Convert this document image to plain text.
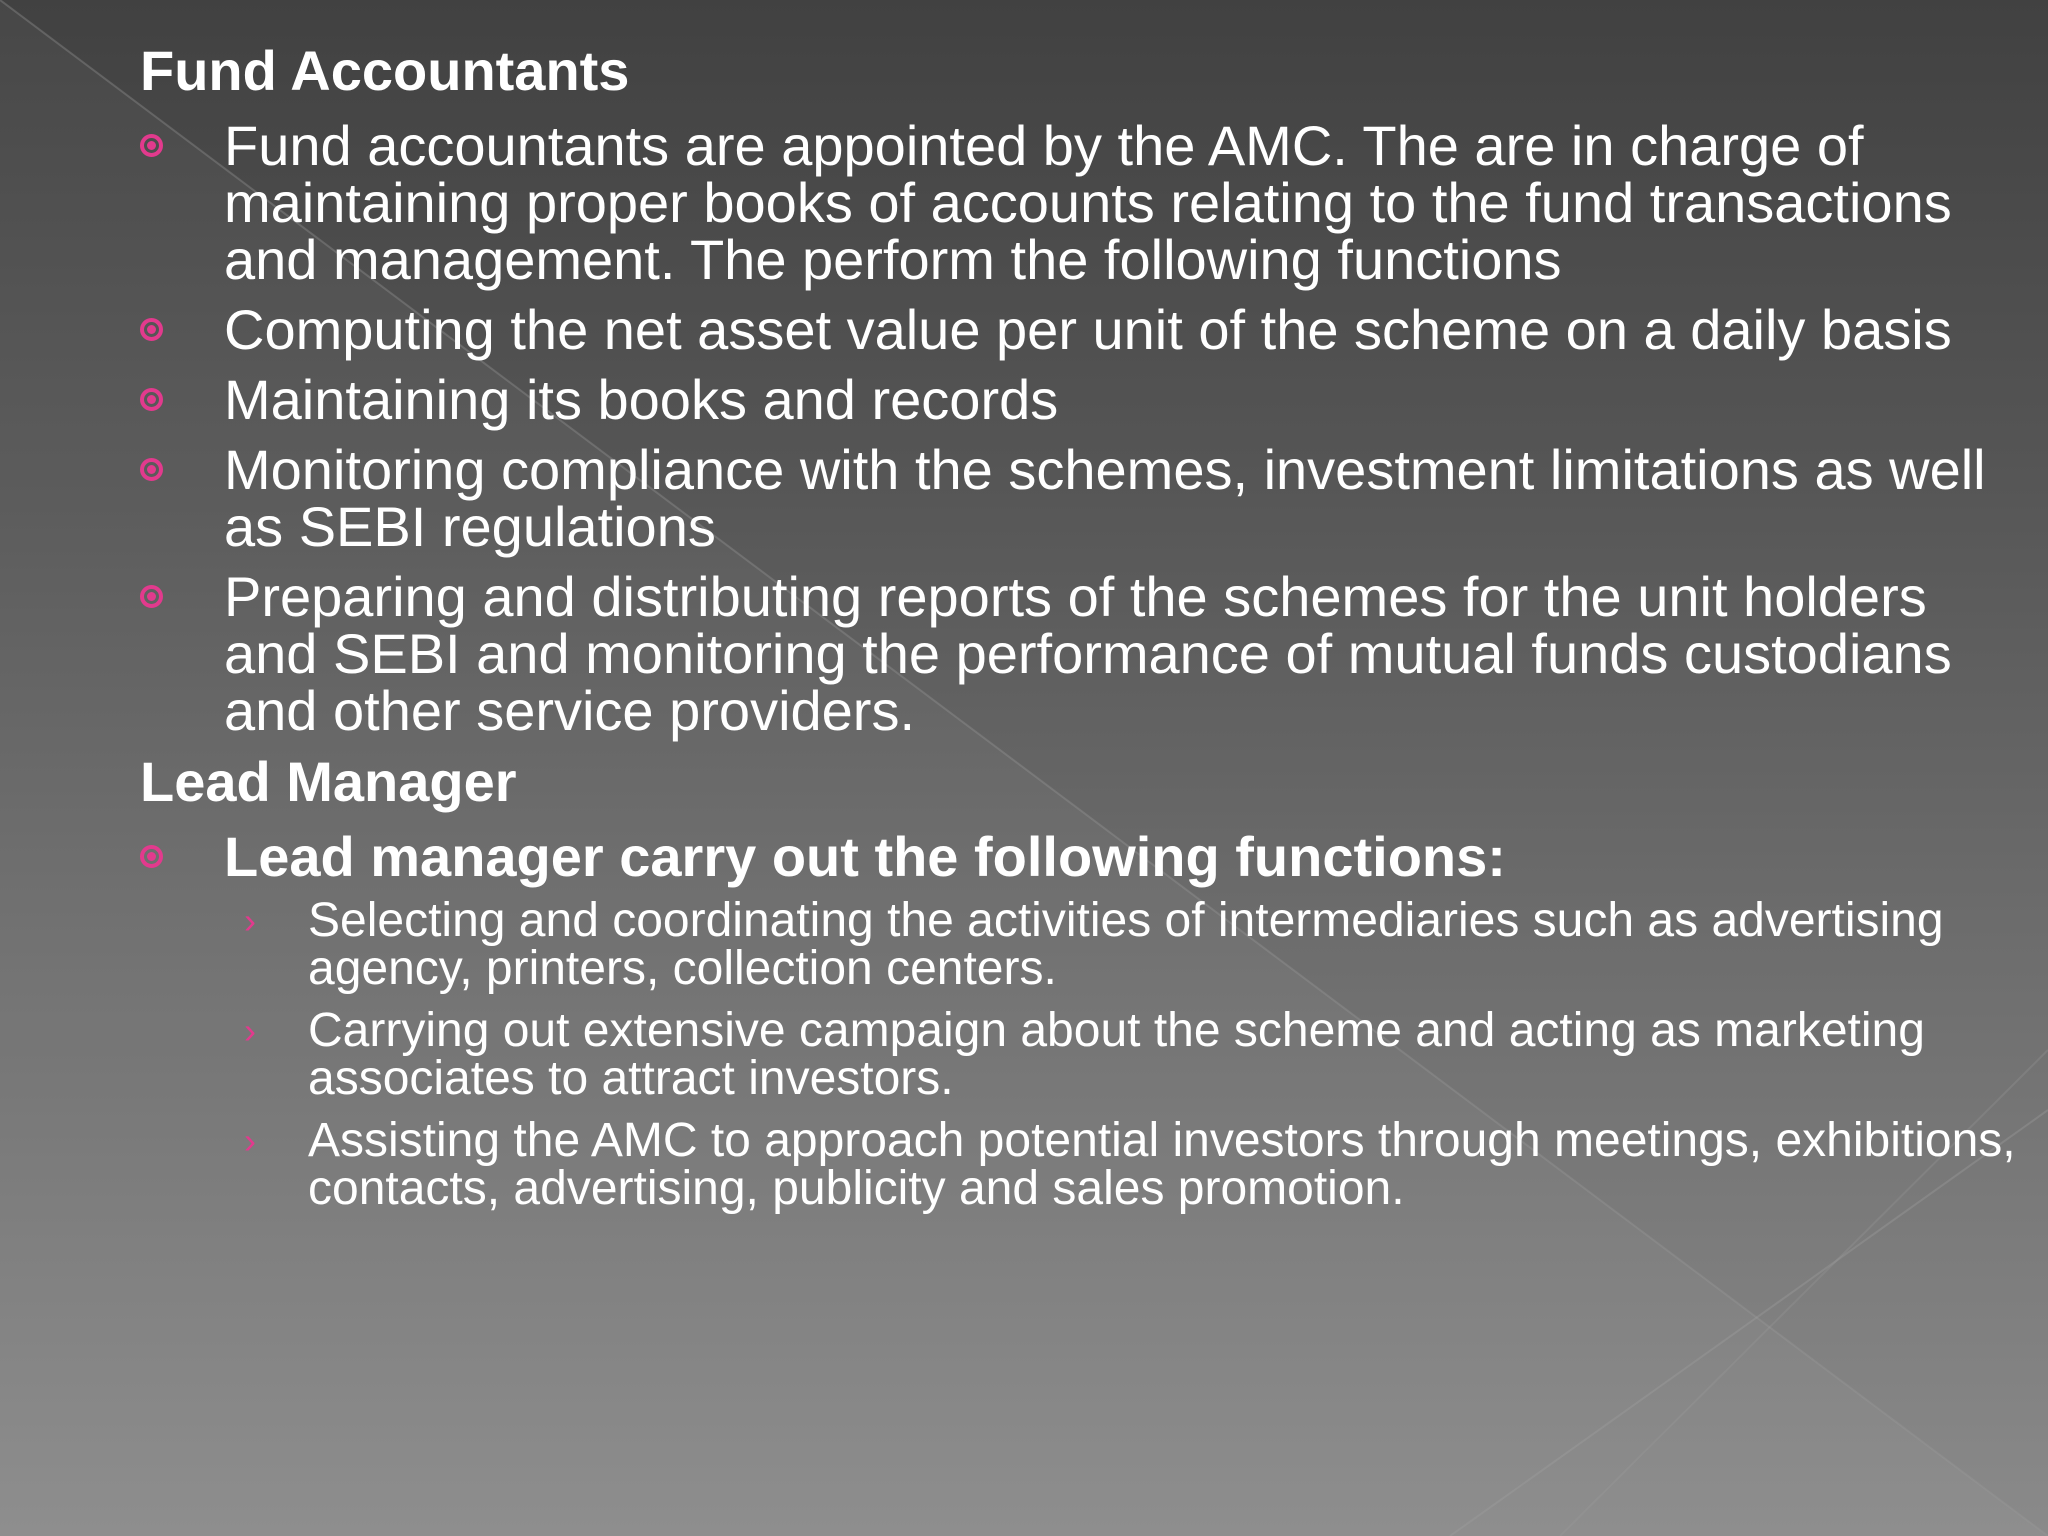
Fund Accountants
Fund accountants are appointed by the AMC. The are in charge of maintaining proper books of accounts relating to the fund transactions and management. The perform the following functions
Computing the net asset value per unit of the scheme on a daily basis
Maintaining its books and records
Monitoring compliance with the schemes, investment limitations as well as SEBI regulations
Preparing and distributing reports of the schemes for the unit holders and SEBI and monitoring the performance of mutual funds custodians and other service providers.
Lead Manager
Lead manager carry out the following functions:
› Selecting and coordinating the activities of intermediaries such as advertising agency, printers, collection centers.
› Carrying out extensive campaign about the scheme and acting as marketing associates to attract investors.
› Assisting the AMC to approach potential investors through meetings, exhibitions, contacts, advertising, publicity and sales promotion.
